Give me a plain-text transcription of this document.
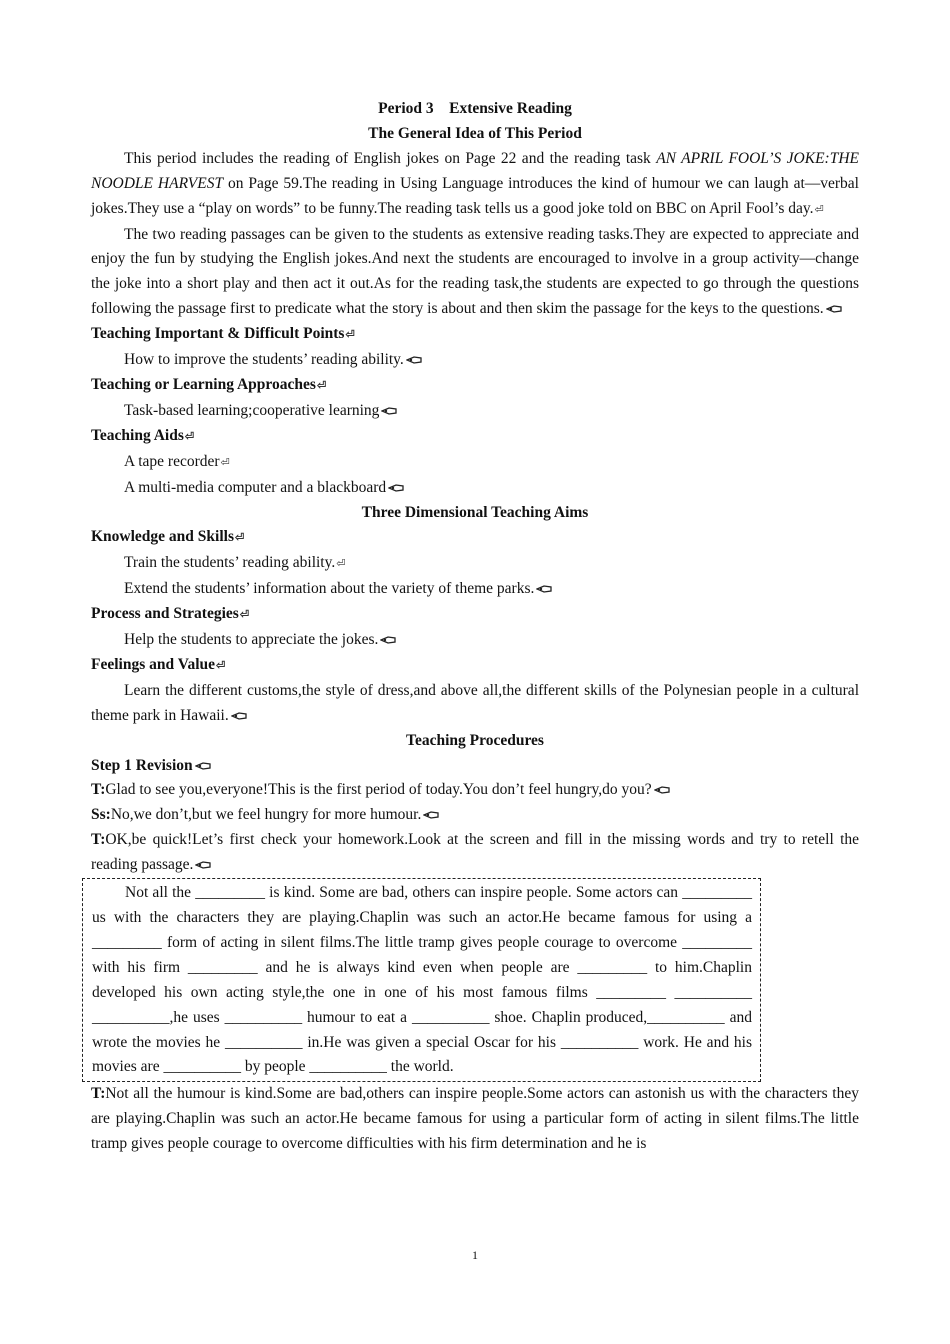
Period 3　Extensive Reading
The General Idea of This Period

This period includes the reading of English jokes on Page 22 and the reading task AN APRIL FOOL’S JOKE:THE NOODLE HARVEST on Page 59.The reading in Using Language introduces the kind of humour we can laugh at—verbal jokes.They use a “play on words” to be funny.The reading task tells us a good joke told on BBC on April Fool’s day.⏎

The two reading passages can be given to the students as extensive reading tasks.They are expected to appreciate and enjoy the fun by studying the English jokes.And next the students are encouraged to involve in a group activity—change the joke into a short play and then act it out.As for the reading task,the students are expected to go through the questions following the passage first to predicate what the story is about and then skim the passage for the keys to the questions.

Teaching Important & Difficult Points⏎
How to improve the students’ reading ability.
Teaching or Learning Approaches⏎
Task-based learning;cooperative learning
Teaching Aids⏎
A tape recorder⏎
A multi-media computer and a blackboard
Three Dimensional Teaching Aims
Knowledge and Skills⏎
Train the students’ reading ability.⏎
Extend the students’ information about the variety of theme parks.
Process and Strategies⏎
Help the students to appreciate the jokes.
Feelings and Value⏎

Learn the different customs,the style of dress,and above all,the different skills of the Polynesian people in a cultural theme park in Hawaii.

Teaching Procedures
Step 1 Revision

T:Glad to see you,everyone!This is the first period of today.You don’t feel hungry,do you?

Ss:No,we don’t,but we feel hungry for more humour.

T:OK,be quick!Let’s first check your homework.Look at the screen and fill in the missing words and try to retell the reading passage.

Not all the _________ is kind. Some are bad, others can inspire people. Some actors can _________ us with the characters they are playing.Chaplin was such an actor.He became famous for using a _________ form of acting in silent films.The little tramp gives people courage to overcome _________ with his firm _________ and he is always kind even when people are _________ to him.Chaplin developed his own acting style,the one in one of his most famous films _________ __________ __________,he uses __________ humour to eat a __________ shoe. Chaplin produced,__________ and wrote the movies he __________ in.He was given a special Oscar for his __________ work. He and his movies are __________ by people __________ the world.

T:Not all the humour is kind.Some are bad,others can inspire people.Some actors can astonish us with the characters they are playing.Chaplin was such an actor.He became famous for using a particular form of acting in silent films.The little tramp gives people courage to overcome difficulties with his firm determination and he is

1
